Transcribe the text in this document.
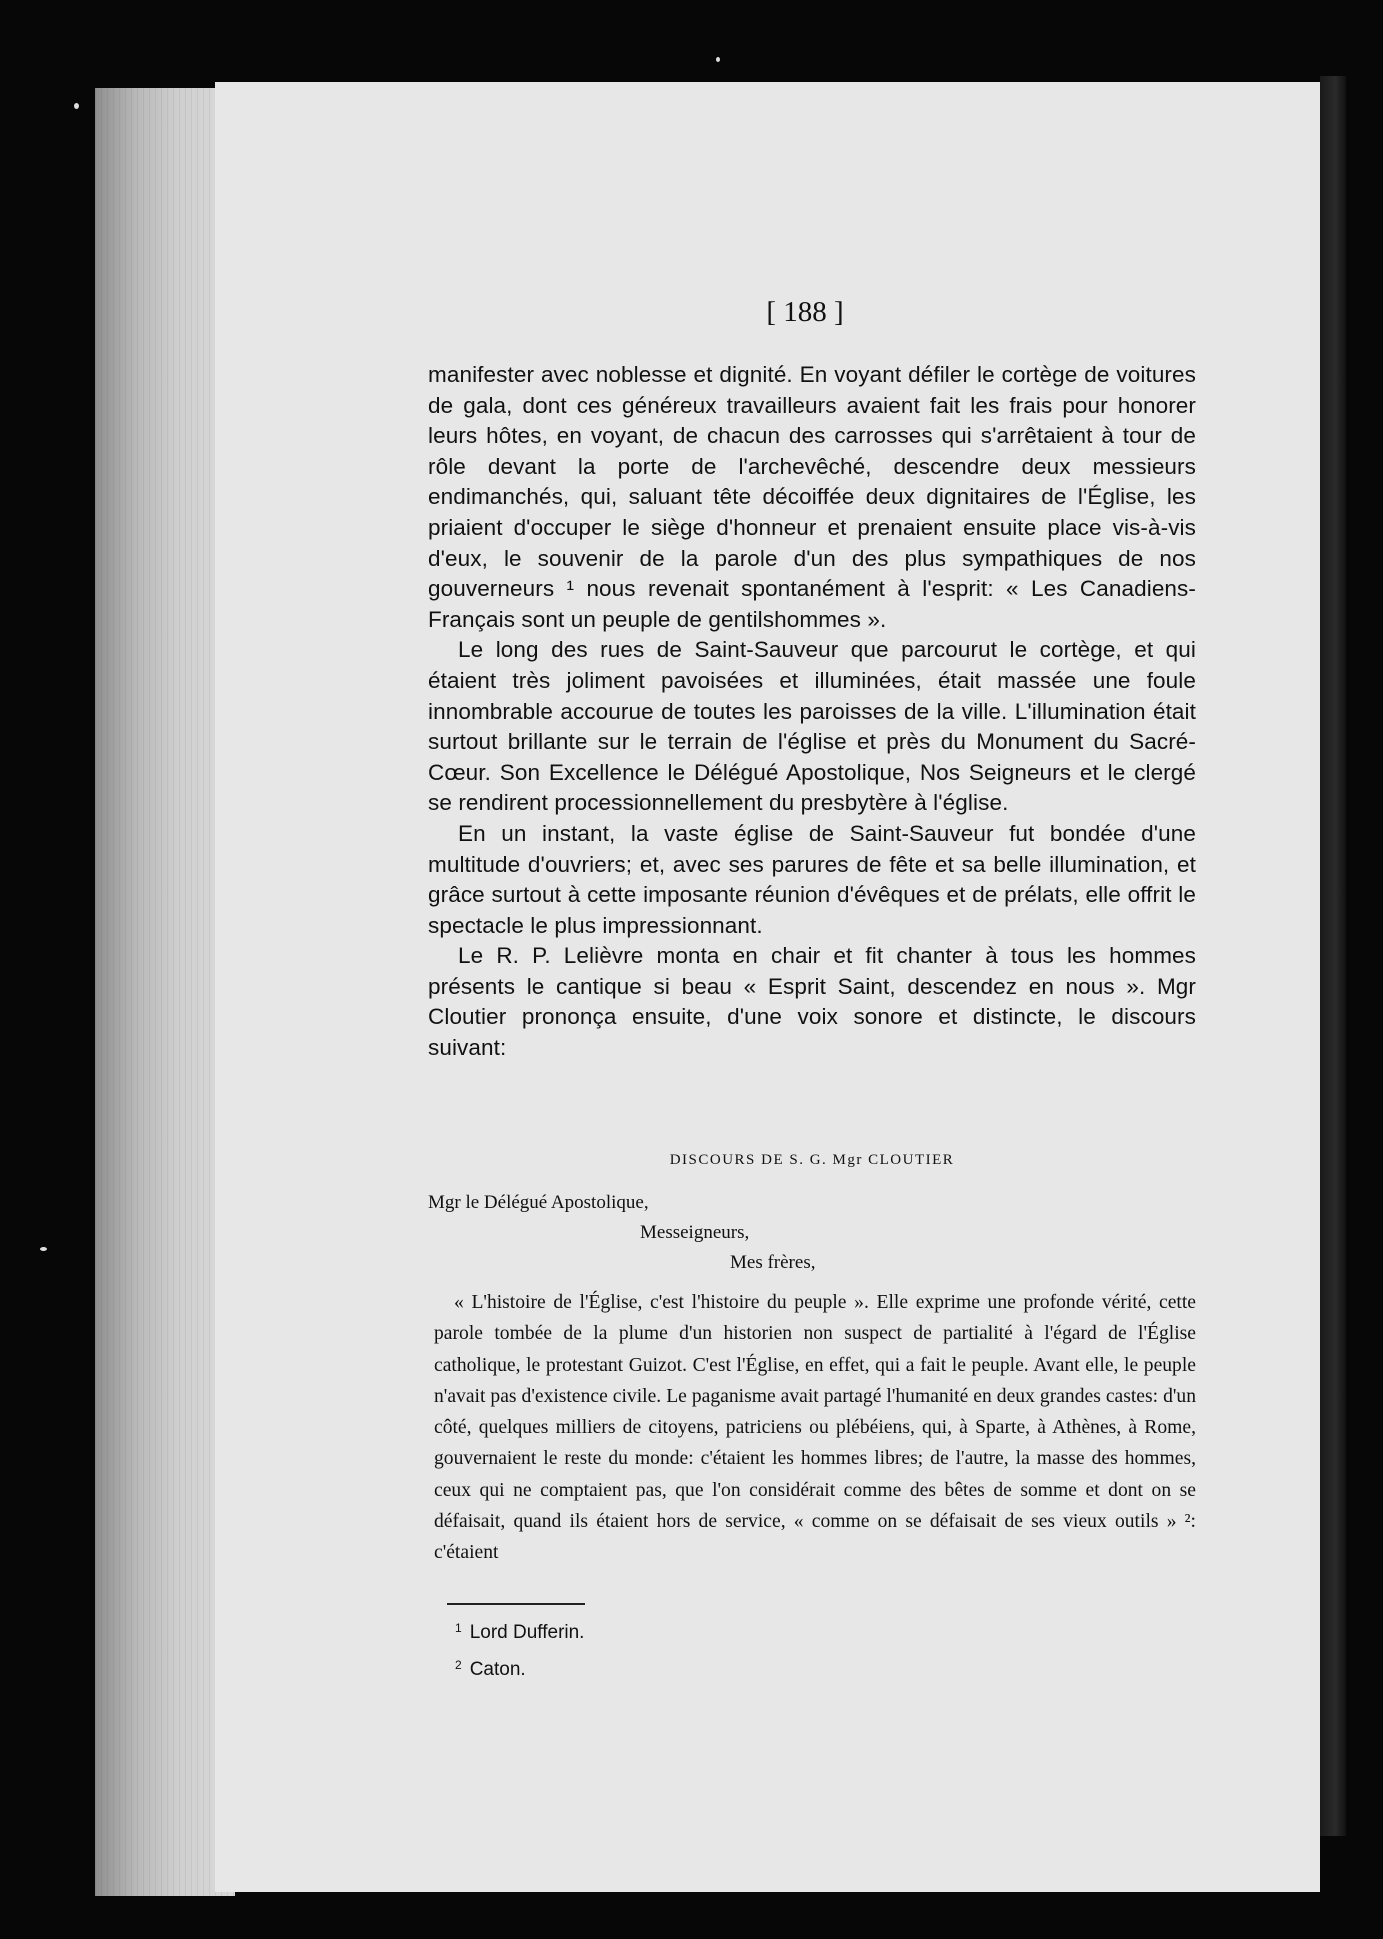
[ 188 ]

manifester avec noblesse et dignité. En voyant défiler le cortège de voitures de gala, dont ces généreux travailleurs avaient fait les frais pour honorer leurs hôtes, en voyant, de chacun des carrosses qui s'arrêtaient à tour de rôle devant la porte de l'archevêché, descendre deux messieurs endimanchés, qui, saluant tête décoiffée deux dignitaires de l'Église, les priaient d'occuper le siège d'honneur et prenaient ensuite place vis-à-vis d'eux, le souvenir de la parole d'un des plus sympathiques de nos gouverneurs ¹ nous revenait spontanément à l'esprit: « Les Canadiens-Français sont un peuple de gentilshommes ».

Le long des rues de Saint-Sauveur que parcourut le cortège, et qui étaient très joliment pavoisées et illuminées, était massée une foule innombrable accourue de toutes les paroisses de la ville. L'illumination était surtout brillante sur le terrain de l'église et près du Monument du Sacré-Cœur. Son Excellence le Délégué Apostolique, Nos Seigneurs et le clergé se rendirent processionnellement du presbytère à l'église.

En un instant, la vaste église de Saint-Sauveur fut bondée d'une multitude d'ouvriers; et, avec ses parures de fête et sa belle illumination, et grâce surtout à cette imposante réunion d'évêques et de prélats, elle offrit le spectacle le plus impressionnant.

Le R. P. Lelièvre monta en chair et fit chanter à tous les hommes présents le cantique si beau « Esprit Saint, descendez en nous ». Mgr Cloutier prononça ensuite, d'une voix sonore et distincte, le discours suivant:

DISCOURS DE S. G. Mgr CLOUTIER
Mgr le Délégué Apostolique,
Messeigneurs,
Mes frères,

« L'histoire de l'Église, c'est l'histoire du peuple ». Elle exprime une profonde vérité, cette parole tombée de la plume d'un historien non suspect de partialité à l'égard de l'Église catholique, le protestant Guizot. C'est l'Église, en effet, qui a fait le peuple. Avant elle, le peuple n'avait pas d'existence civile. Le paganisme avait partagé l'humanité en deux grandes castes: d'un côté, quelques milliers de citoyens, patriciens ou plébéiens, qui, à Sparte, à Athènes, à Rome, gouvernaient le reste du monde: c'étaient les hommes libres; de l'autre, la masse des hommes, ceux qui ne comptaient pas, que l'on considérait comme des bêtes de somme et dont on se défaisait, quand ils étaient hors de service, « comme on se défaisait de ses vieux outils » ²: c'étaient

$^1$ Lord Dufferin.
$^2$ Caton.
